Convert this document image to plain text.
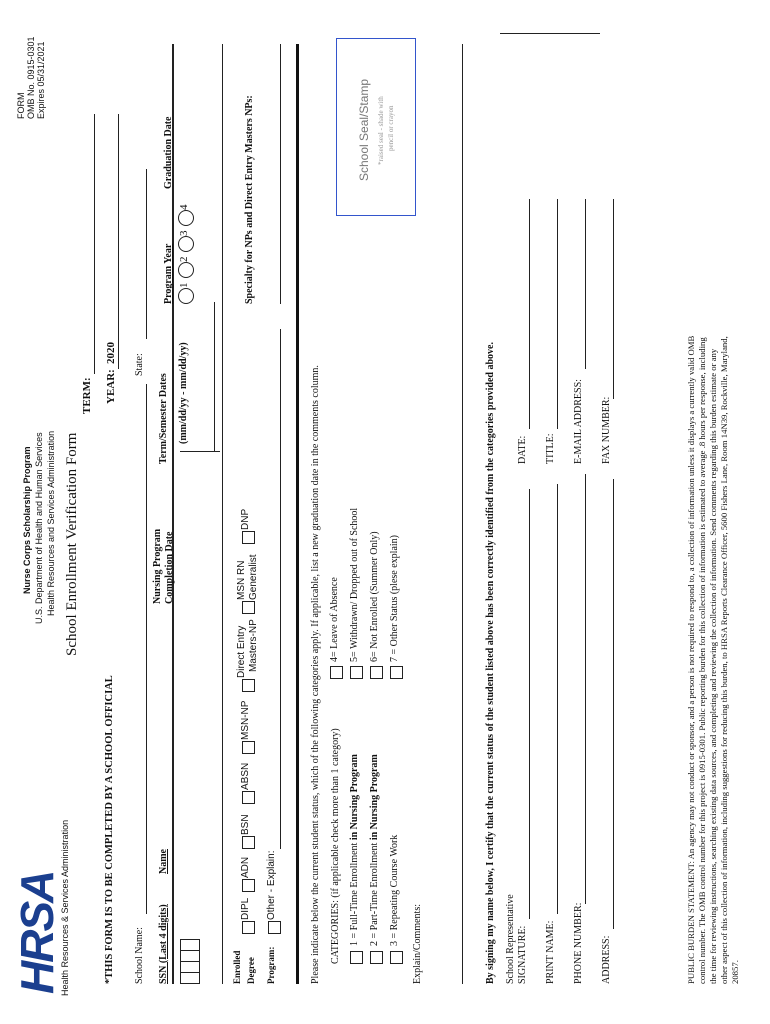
HRSA
Health Resources & Services Administration
Nurse Corps Scholarship Program U.S. Department of Health and Human Services Health Resources and Services Administration School Enrollment Verification Form
FORM OMB No. 0915-0301 Expires 05/31/2021
*THIS FORM IS TO BE COMPLETED BY A SCHOOL OFFICIAL
TERM: YEAR:
2020
School Name:
State:
SSN (Last 4 digits)
Name
Nursing Program Completion Date
Term/Semester Dates (mm/dd/yy - mm/dd/yy)
Program Year
Graduation Date
1
2
3
4
Enrolled Degree Program:
DIPL
ADN
BSN
ABSN
MSN-NP
Direct Entry Masters-NP
MSN RN Generalist
DNP
Other - Explain:
Specialty for NPs and Direct Entry Masters NPs:	School Seal/Stamp *raised seal - shade with pencil or crayon
Please indicate below the current student status, which of the following categories apply. If applicable, list a new graduation date in the comments column. CATEGORIES: (if applicable check more than 1 category) 1 = Full-Time Enrollment in Nursing Program
2 = Part-Time Enrollment in Nursing Program
3 = Repeating Course Work
4= Leave of Absence 5= Withdrawn/ Dropped out of School 6= Not Enrolled (Summer Only) 7 = Other Status (plese explain)
Explain/Comments:	By signing my name below, I certify that the current status of the student listed above has been correctly identified from the categories provided above. School Representative SIGNATURE:
DATE:
PRINT NAME:
TITLE:
PHONE NUMBER:
E-MAIL ADDRESS:
ADDRESS:
FAX NUMBER:	PUBLIC BURDEN STATEMENT: An agency may not conduct or sponsor, and a person is not required to respond to, a collection of information unless it displays a currently valid OMB control number. The OMB control number for this project is 0915-0301. Public reporting burden for this collection of information is estimated to average .8 hours per response, including the time for reviewing instructions, searching existing data sources, and completing and reviewing the collection of information. Send comments regarding this burden estimate or any other aspect of this collection of information, including suggestions for reducing this burden, to HRSA Reports Clearance Officer, 5600 Fishers Lane, Room 14N39, Rockville, Maryland, 20857.
